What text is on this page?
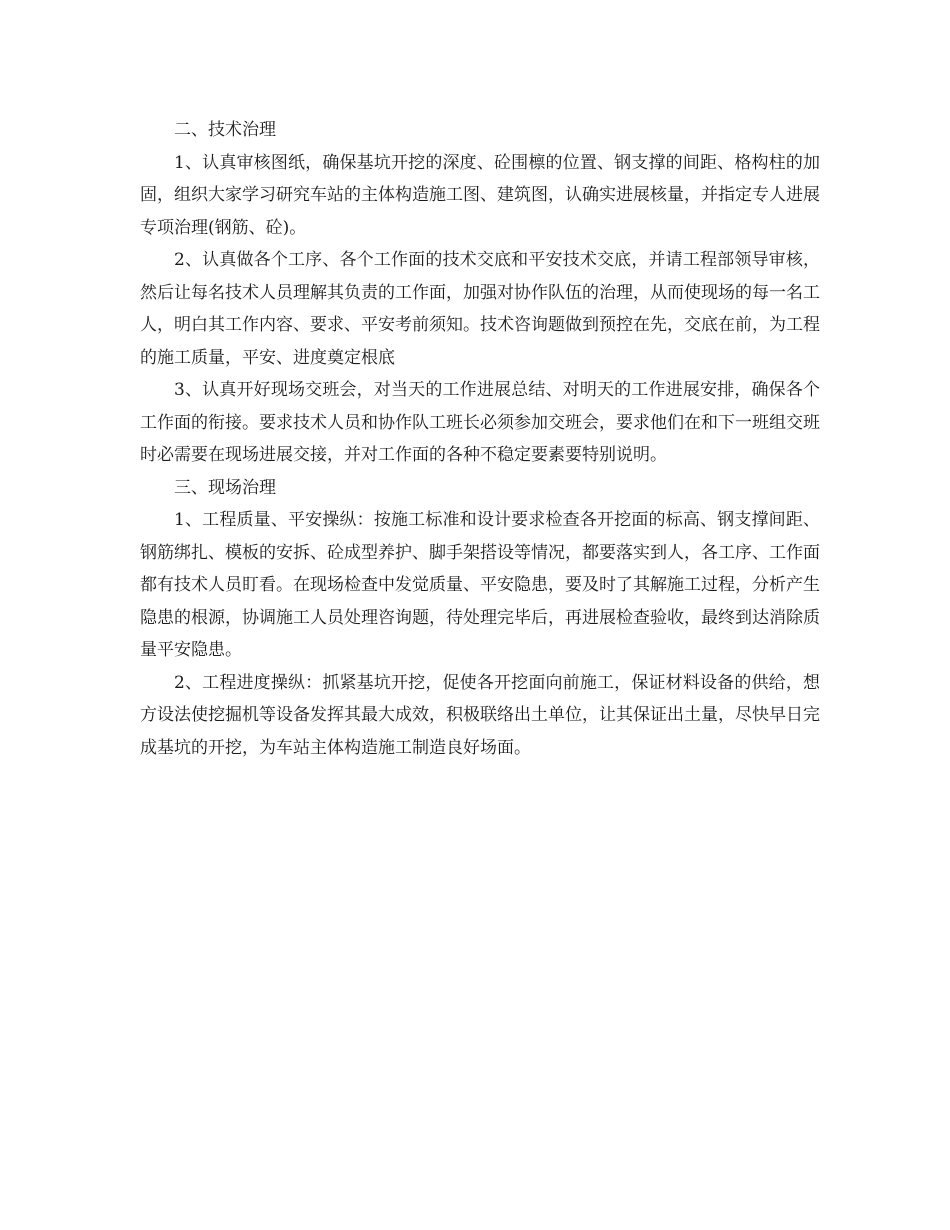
二、技术治理

1、认真审核图纸，确保基坑开挖的深度、砼围檩的位置、钢支撑的间距、格构柱的加固，组织大家学习研究车站的主体构造施工图、建筑图，认确实进展核量，并指定专人进展专项治理(钢筋、砼)。

2、认真做各个工序、各个工作面的技术交底和平安技术交底，并请工程部领导审核，然后让每名技术人员理解其负责的工作面，加强对协作队伍的治理，从而使现场的每一名工人，明白其工作内容、要求、平安考前须知。技术咨询题做到预控在先，交底在前，为工程的施工质量，平安、进度奠定根底

3、认真开好现场交班会，对当天的工作进展总结、对明天的工作进展安排，确保各个工作面的衔接。要求技术人员和协作队工班长必须参加交班会，要求他们在和下一班组交班时必需要在现场进展交接，并对工作面的各种不稳定要素要特别说明。

三、现场治理

1、工程质量、平安操纵：按施工标准和设计要求检查各开挖面的标高、钢支撑间距、钢筋绑扎、模板的安拆、砼成型养护、脚手架搭设等情况，都要落实到人，各工序、工作面都有技术人员盯看。在现场检查中发觉质量、平安隐患，要及时了其解施工过程，分析产生隐患的根源，协调施工人员处理咨询题，待处理完毕后，再进展检查验收，最终到达消除质量平安隐患。

2、工程进度操纵：抓紧基坑开挖，促使各开挖面向前施工，保证材料设备的供给，想方设法使挖掘机等设备发挥其最大成效，积极联络出土单位，让其保证出土量，尽快早日完成基坑的开挖，为车站主体构造施工制造良好场面。
